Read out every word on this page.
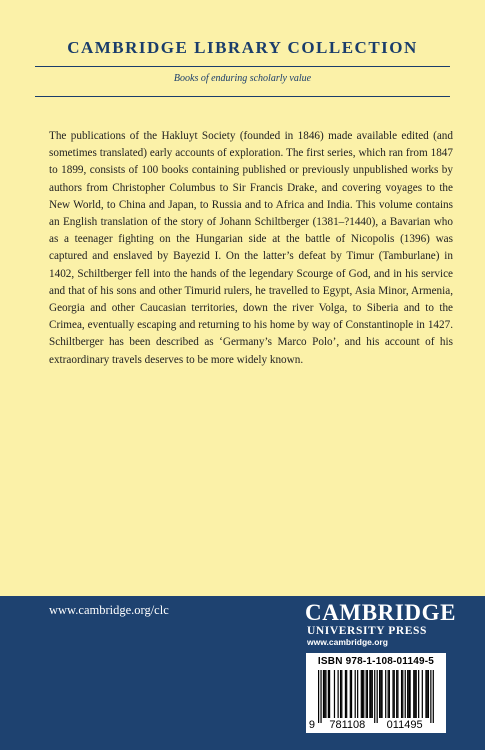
CAMBRIDGE LIBRARY COLLECTION
Books of enduring scholarly value

The publications of the Hakluyt Society (founded in 1846) made available edited (and sometimes translated) early accounts of exploration. The first series, which ran from 1847 to 1899, consists of 100 books containing published or previously unpublished works by authors from Christopher Columbus to Sir Francis Drake, and covering voyages to the New World, to China and Japan, to Russia and to Africa and India. This volume contains an English translation of the story of Johann Schiltberger (1381–?1440), a Bavarian who as a teenager fighting on the Hungarian side at the battle of Nicopolis (1396) was captured and enslaved by Bayezid I. On the latter’s defeat by Timur (Tamburlane) in 1402, Schiltberger fell into the hands of the legendary Scourge of God, and in his service and that of his sons and other Timurid rulers, he travelled to Egypt, Asia Minor, Armenia, Georgia and other Caucasian territories, down the river Volga, to Siberia and to the Crimea, eventually escaping and returning to his home by way of Constantinople in 1427. Schiltberger has been described as ‘Germany’s Marco Polo’, and his account of his extraordinary travels deserves to be more widely known.

www.cambridge.org/clc	CAMBRIDGE
UNIVERSITY PRESS
www.cambridge.org
ISBN 978-1-108-01149-5
9 781108 011495
